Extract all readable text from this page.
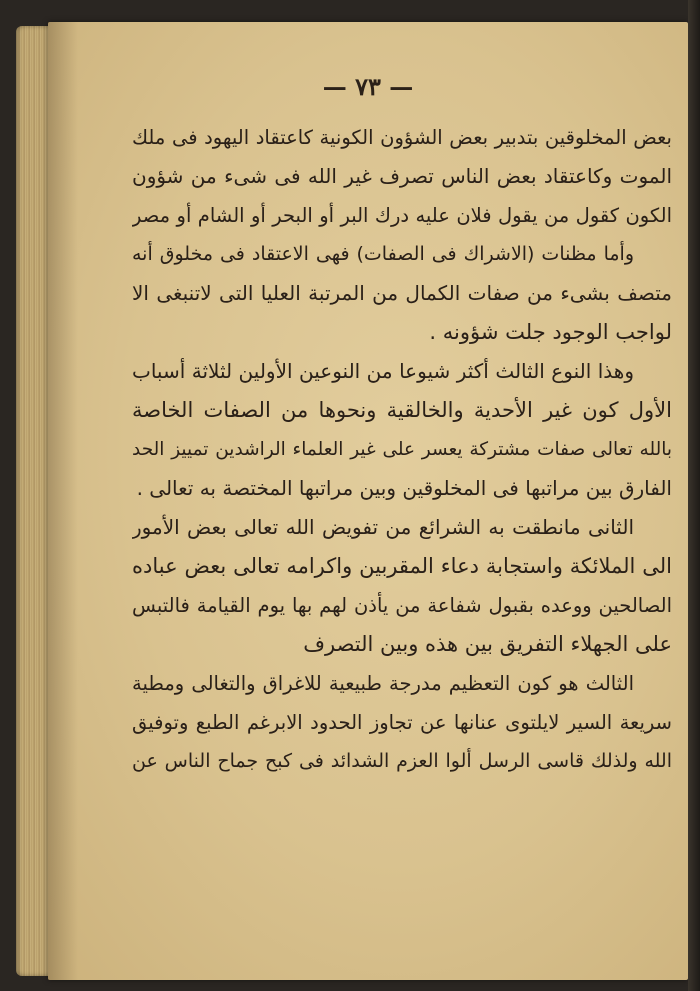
— ٧٣ —
بعض المخلوقين بتدبير بعض الشؤون الكونية كاعتقاد اليهود فى ملك
الموت وكاعتقاد بعض الناس تصرف غير الله فى شىء من شؤون
الكون كقول من يقول فلان عليه درك البر أو البحر أو الشام أو مصر
وأما مظنات (الاشراك فى الصفات) فهى الاعتقاد فى مخلوق أنه
متصف بشىء من صفات الكمال من المرتبة العليا التى لاتنبغى الا
لواجب الوجود جلت شؤونه .
وهذا النوع الثالث أكثر شيوعا من النوعين الأولين لثلاثة أسباب
الأول كون غير الأحدية والخالقية ونحوها من الصفات الخاصة
بالله تعالى صفات مشتركة يعسر على غير العلماء الراشدين تمييز الحد
الفارق بين مراتبها فى المخلوقين وبين مراتبها المختصة به تعالى .
الثانى مانطقت به الشرائع من تفويض الله تعالى بعض الأمور
الى الملائكة واستجابة دعاء المقربين واكرامه تعالى بعض عباده
الصالحين ووعده بقبول شفاعة من يأذن لهم بها يوم القيامة فالتبس
على الجهلاء التفريق بين هذه وبين التصرف
الثالث هو كون التعظيم مدرجة طبيعية للاغراق والتغالى ومطية
سريعة السير لايلتوى عنانها عن تجاوز الحدود الابرغم الطبع وتوفيق
الله ولذلك قاسى الرسل ألوا العزم الشدائد فى كبح جماح الناس عن
